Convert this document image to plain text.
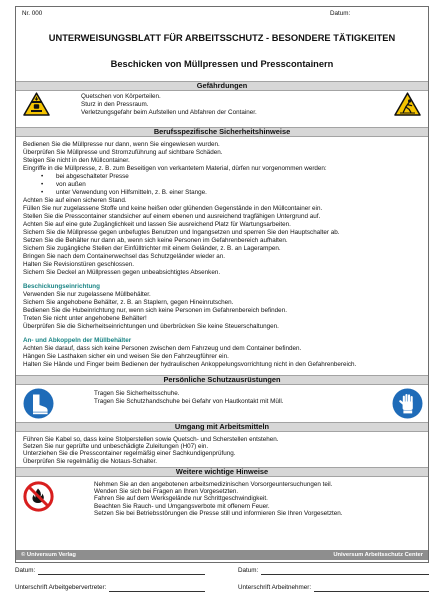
Nr. 000	Datum:
UNTERWEISUNGSBLATT FÜR ARBEITSSCHUTZ - BESONDERE TÄTIGKEITEN
Beschicken von Müllpressen und Presscontainern
Gefährdungen
Quetschen von Körperteilen.
Sturz in den Pressraum.
Verletzungsgefahr beim Aufstellen und Abfahren der Container.
Berufsspezifische Sicherheitshinweise
Bedienen Sie die Müllpresse nur dann, wenn Sie eingewiesen wurden.
Überprüfen Sie Müllpresse und Stromzuführung auf sichtbare Schäden.
Steigen Sie nicht in den Müllcontainer.
Eingriffe in die Müllpresse, z. B. zum Beseitigen von verkantetem Material, dürfen nur vorgenommen werden:
• bei abgeschalteter Presse
• von außen
• unter Verwendung von Hilfsmitteln, z. B. einer Stange.
Achten Sie auf einen sicheren Stand.
Füllen Sie nur zugelassene Stoffe und keine heißen oder glühenden Gegenstände in den Müllcontainer ein.
Stellen Sie die Presscontainer standsicher auf einem ebenen und ausreichend tragfähigen Untergrund auf.
Achten Sie auf eine gute Zugänglichkeit und lassen Sie ausreichend Platz für Wartungsarbeiten.
Sichern Sie die Müllpresse gegen unbefugtes Benutzen und Ingangsetzen und sperren Sie den Hauptschalter ab.
Setzen Sie die Behälter nur dann ab, wenn sich keine Personen im Gefahrenbereich aufhalten.
Sichern Sie zugängliche Stellen der Einfülltrichter mit einem Geländer, z. B. an Lagerampen.
Bringen Sie nach dem Containerwechsel das Schutzgeländer wieder an.
Halten Sie Revisionstüren geschlossen.
Sichern Sie Deckel an Müllpressen gegen unbeabsichtigtes Absenken.
Beschickungseinrichtung
Verwenden Sie nur zugelassene Müllbehälter.
Sichern Sie angehobene Behälter, z. B. an Staplern, gegen Hineinrutschen.
Bedienen Sie die Hubeinrichtung nur, wenn sich keine Personen im Gefahrenbereich befinden.
Treten Sie nicht unter angehobene Behälter!
Überprüfen Sie die Sicherheitseinrichtungen und überbrücken Sie keine Steuerschaltungen.
An- und Abkoppeln der Müllbehälter
Achten Sie darauf, dass sich keine Personen zwischen dem Fahrzeug und dem Container befinden.
Hängen Sie Lasthaken sicher ein und weisen Sie den Fahrzeugführer ein.
Halten Sie Hände und Finger beim Bedienen der hydraulischen Ankoppelungsvorrichtung nicht in den Gefahrenbereich.
Persönliche Schutzausrüstungen
Tragen Sie Sicherheitsschuhe.
Tragen Sie Schutzhandschuhe bei Gefahr von Hautkontakt mit Müll.
Umgang mit Arbeitsmitteln
Führen Sie Kabel so, dass keine Stolperstellen sowie Quetsch- und Scherstellen entstehen.
Setzen Sie nur geprüfte und unbeschädigte Zuleitungen (H07) ein.
Unterziehen Sie die Presscontainer regelmäßig einer Sachkundigenprüfung.
Überprüfen Sie regelmäßig die Notaus-Schalter.
Weitere wichtige Hinweise
Nehmen Sie an den angebotenen arbeitsmedizinischen Vorsorgeuntersuchungen teil.
Wenden Sie sich bei Fragen an Ihren Vorgesetzten.
Fahren Sie auf dem Werksgelände nur Schrittgeschwindigkeit.
Beachten Sie Rauch- und Umgangsverbote mit offenem Feuer.
Setzen Sie bei Betriebsstörungen die Presse still und informieren Sie Ihren Vorgesetzten.
© Universum Verlag	Universum Arbeitsschutz Center
Datum:	Datum:
Unterschrift Arbeitgebervertreter:	Unterschrift Arbeitnehmer:
